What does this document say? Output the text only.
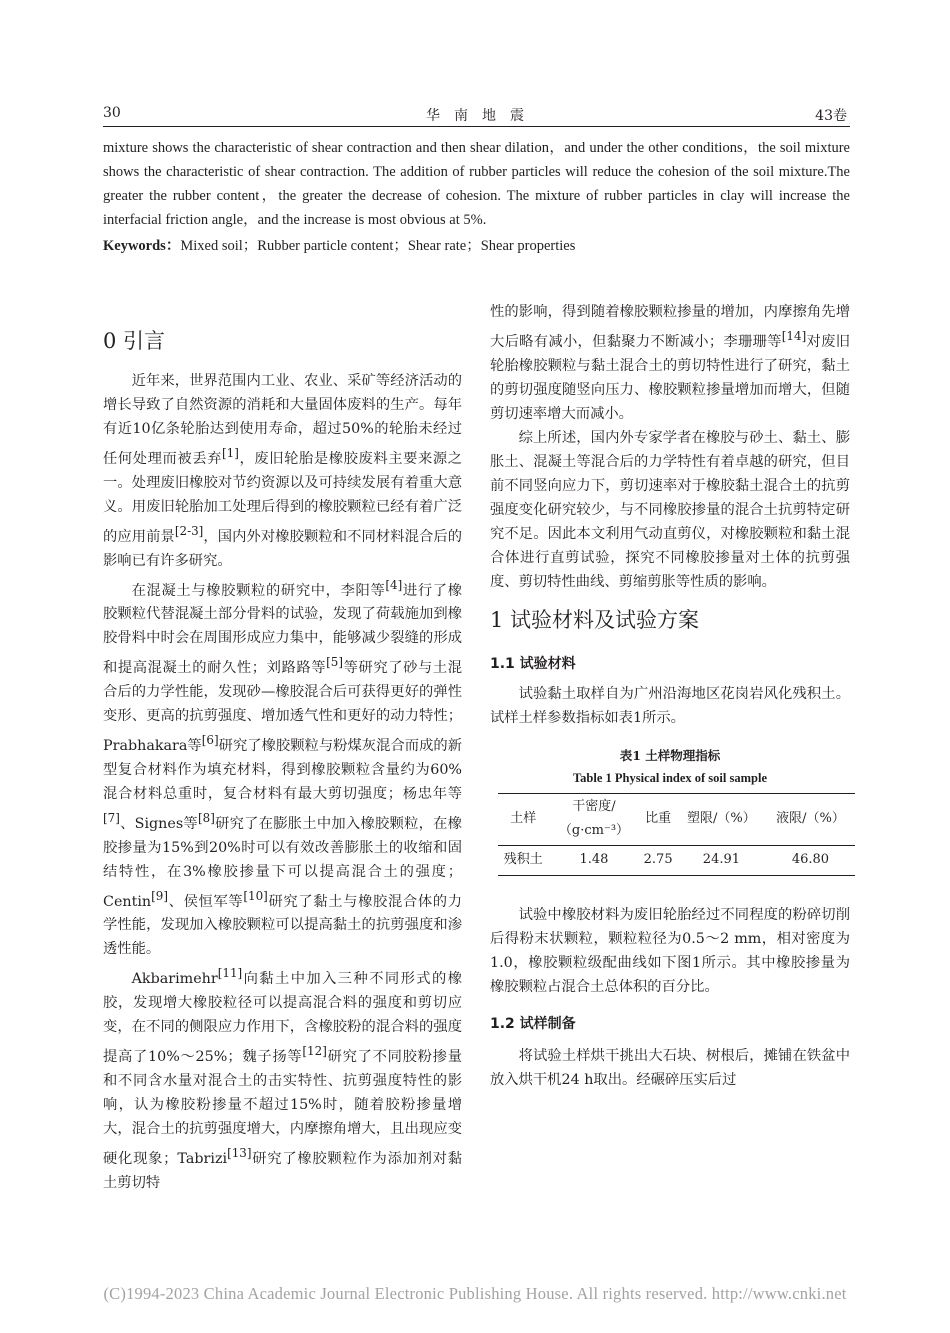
30	华　南　地　震	43卷

mixture shows the characteristic of shear contraction and then shear dilation，and under the other conditions，the soil mixture shows the characteristic of shear contraction. The addition of rubber particles will reduce the cohesion of the soil mixture.The greater the rubber content，the greater the decrease of cohesion. The mixture of rubber particles in clay will increase the interfacial friction angle，and the increase is most obvious at 5%.

Keywords：Mixed soil；Rubber particle content；Shear rate；Shear properties
0 引言

近年来，世界范围内工业、农业、采矿等经济活动的增长导致了自然资源的消耗和大量固体废料的生产。每年有近10亿条轮胎达到使用寿命，超过50%的轮胎未经过任何处理而被丢弃[1]，废旧轮胎是橡胶废料主要来源之一。处理废旧橡胶对节约资源以及可持续发展有着重大意义。用废旧轮胎加工处理后得到的橡胶颗粒已经有着广泛的应用前景[2-3]，国内外对橡胶颗粒和不同材料混合后的影响已有许多研究。

在混凝土与橡胶颗粒的研究中，李阳等[4]进行了橡胶颗粒代替混凝土部分骨料的试验，发现了荷载施加到橡胶骨料中时会在周围形成应力集中，能够减少裂缝的形成和提高混凝土的耐久性；刘路路等[5]等研究了砂与土混合后的力学性能，发现砂—橡胶混合后可获得更好的弹性变形、更高的抗剪强度、增加透气性和更好的动力特性；Prabhakara等[6]研究了橡胶颗粒与粉煤灰混合而成的新型复合材料作为填充材料，得到橡胶颗粒含量约为60%混合材料总重时，复合材料有最大剪切强度；杨忠年等[7]、Signes等[8]研究了在膨胀土中加入橡胶颗粒，在橡胶掺量为15%到20%时可以有效改善膨胀土的收缩和固结特性，在3%橡胶掺量下可以提高混合土的强度；Centin[9]、侯恒军等[10]研究了黏土与橡胶混合体的力学性能，发现加入橡胶颗粒可以提高黏土的抗剪强度和渗透性能。

Akbarimehr[11]向黏土中加入三种不同形式的橡胶，发现增大橡胶粒径可以提高混合料的强度和剪切应变，在不同的侧限应力作用下，含橡胶粉的混合料的强度提高了10%～25%；魏子扬等[12]研究了不同胶粉掺量和不同含水量对混合土的击实特性、抗剪强度特性的影响，认为橡胶粉掺量不超过15%时，随着胶粉掺量增大，混合土的抗剪强度增大，内摩擦角增大，且出现应变硬化现象；Tabrizi[13]研究了橡胶颗粒作为添加剂对黏土剪切特

性的影响，得到随着橡胶颗粒掺量的增加，内摩擦角先增大后略有减小，但黏聚力不断减小；李珊珊等[14]对废旧轮胎橡胶颗粒与黏土混合土的剪切特性进行了研究，黏土的剪切强度随竖向压力、橡胶颗粒掺量增加而增大，但随剪切速率增大而减小。

综上所述，国内外专家学者在橡胶与砂土、黏土、膨胀土、混凝土等混合后的力学特性有着卓越的研究，但目前不同竖向应力下，剪切速率对于橡胶黏土混合土的抗剪强度变化研究较少，与不同橡胶掺量的混合土抗剪特定研究不足。因此本文利用气动直剪仪，对橡胶颗粒和黏土混合体进行直剪试验，探究不同橡胶掺量对土体的抗剪强度、剪切特性曲线、剪缩剪胀等性质的影响。

1 试验材料及试验方案
1.1 试验材料

试验黏土取样自为广州沿海地区花岗岩风化残积土。试样土样参数指标如表1所示。

表1 土样物理指标
Table 1 Physical index of soil sample
土样	干密度/
（g·cm⁻³）	比重	塑限/（%）	液限/（%）
残积土	1.48	2.75	24.91	46.80

试验中橡胶材料为废旧轮胎经过不同程度的粉碎切削后得粉末状颗粒，颗粒粒径为0.5～2 mm，相对密度为1.0，橡胶颗粒级配曲线如下图1所示。其中橡胶掺量为橡胶颗粒占混合土总体积的百分比。

1.2 试样制备

将试验土样烘干挑出大石块、树根后，摊铺在铁盆中放入烘干机24 h取出。经碾碎压实后过

(C)1994-2023 China Academic Journal Electronic Publishing House. All rights reserved. http://www.cnki.net
